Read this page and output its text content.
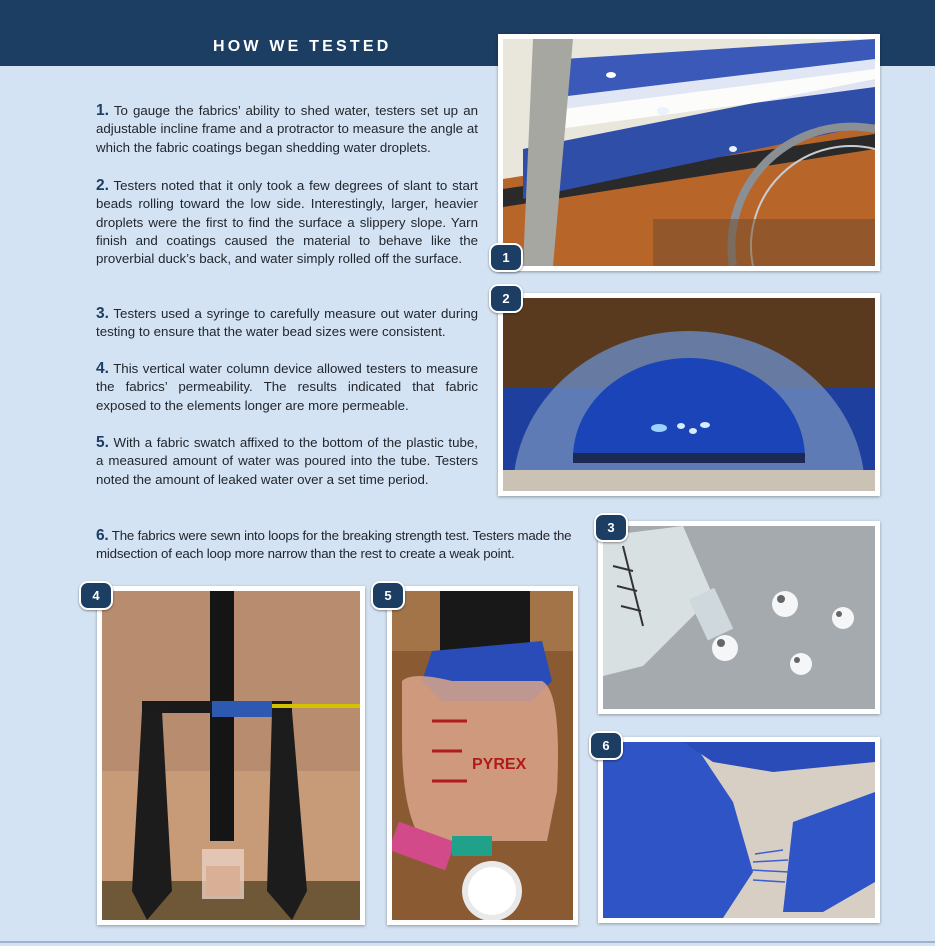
HOW WE TESTED

1. To gauge the fabrics’ ability to shed water, testers set up an adjustable incline frame and a protractor to measure the angle at which the fabric coatings began shedding water droplets.

2. Testers noted that it only took a few degrees of slant to start beads rolling toward the low side. Interestingly, larger, heavier droplets were the first to find the surface a slippery slope. Yarn finish and coatings caused the material to behave like the proverbial duck’s back, and water simply rolled off the surface.

3. Testers used a syringe to carefully measure out water during testing to ensure that the water bead sizes were consistent.

4. This vertical water column device allowed testers to measure the fabrics’ permeability. The results indicated that fabric exposed to the elements longer are more permeable.

5. With a fabric swatch affixed to the bottom of the plastic tube, a measured amount of water was poured into the tube. Testers noted the amount of leaked water over a set time period.

6. The fabrics were sewn into loops for the breaking strength test. Testers made the midsection of each loop more narrow than the rest to create a weak point.

1
2
3
6
4
PYREX
5
